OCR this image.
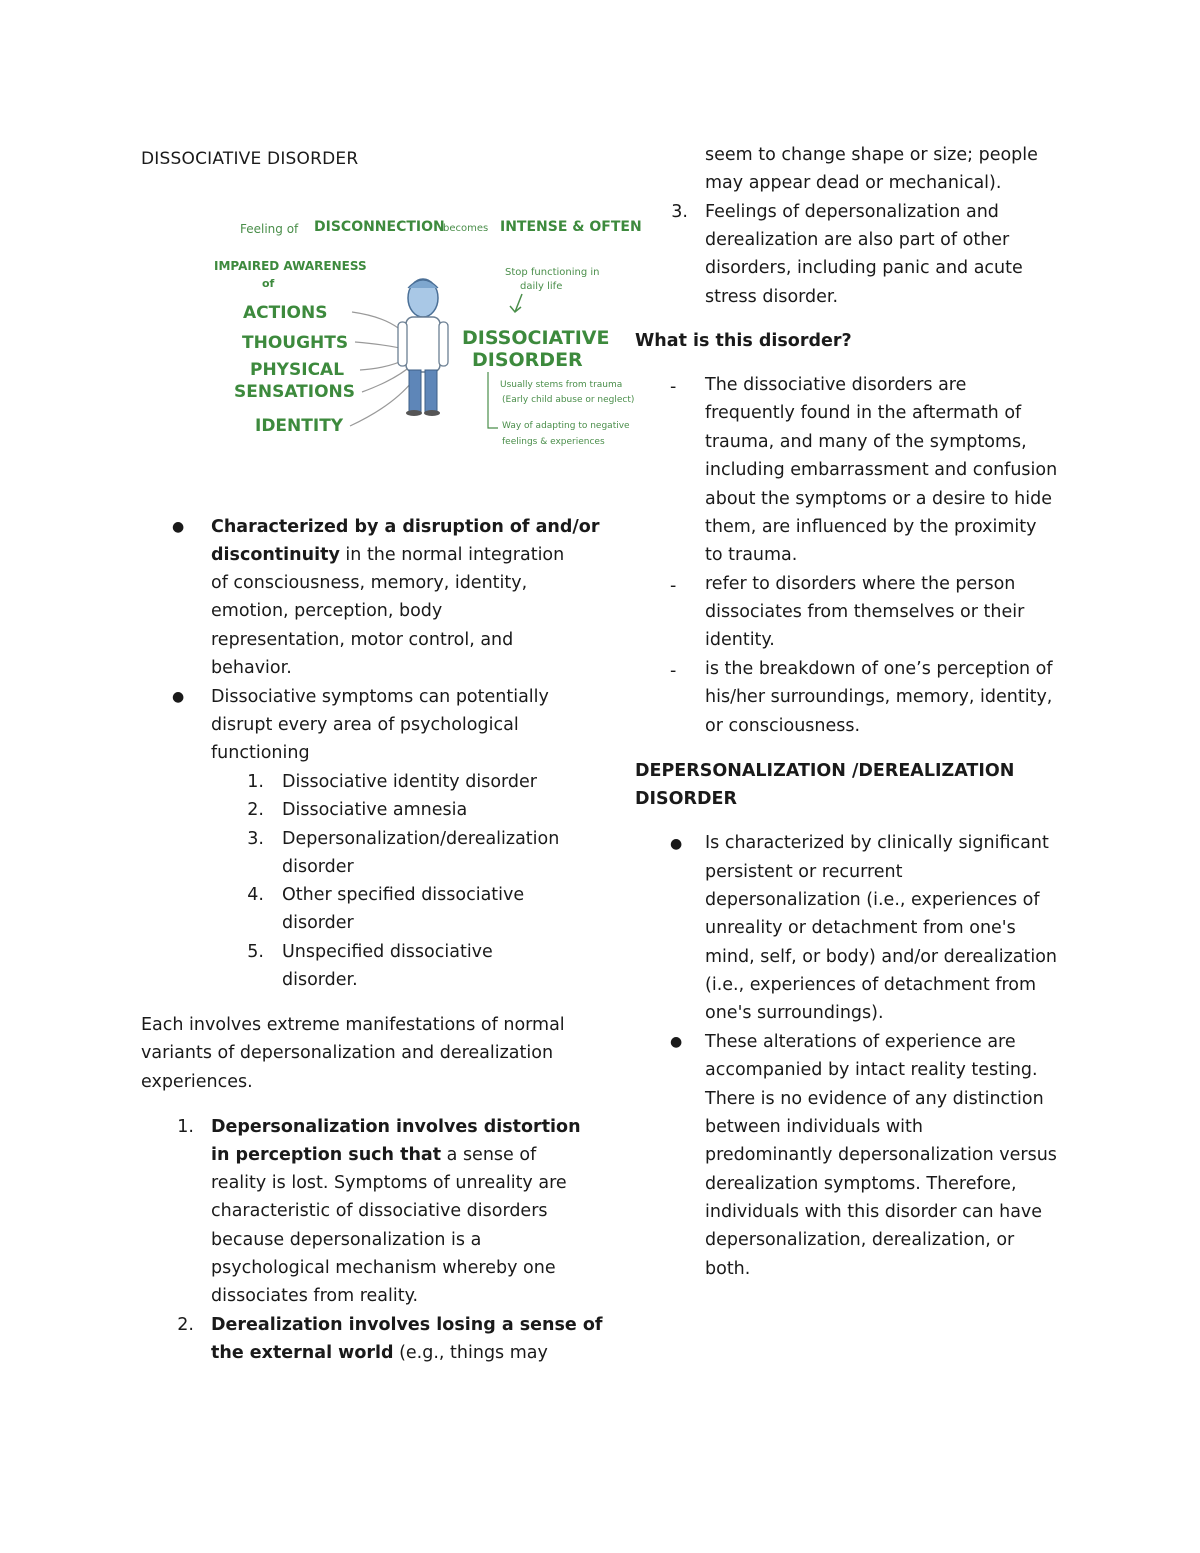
DISSOCIATIVE DISORDER
Feeling of DISCONNECTION
becomes INTENSE & OFTEN
IMPAIRED AWARENESS
of
Stop functioning in
daily life
ACTIONS
THOUGHTS
PHYSICAL
SENSATIONS
IDENTITY
DISSOCIATIVE
DISORDER
Usually stems from trauma
(Early child abuse or neglect)
Way of adapting to negative
feelings & experiences
● Characterized by a disruption of and/or
discontinuity in the normal integration
of consciousness, memory, identity,
emotion, perception, body
representation, motor control, and
behavior.
● Dissociative symptoms can potentially
disrupt every area of psychological
functioning
1. Dissociative identity disorder
2. Dissociative amnesia
3. Depersonalization/derealization
disorder
4. Other specified dissociative
disorder
5. Unspecified dissociative
disorder.
Each involves extreme manifestations of normal
variants of depersonalization and derealization
experiences.
1. Depersonalization involves distortion
in perception such that a sense of
reality is lost. Symptoms of unreality are
characteristic of dissociative disorders
because depersonalization is a
psychological mechanism whereby one
dissociates from reality.
2. Derealization involves losing a sense of
the external world (e.g., things may
seem to change shape or size; people
may appear dead or mechanical).
3. Feelings of depersonalization and
derealization are also part of other
disorders, including panic and acute
stress disorder.
What is this disorder?
- The dissociative disorders are
frequently found in the aftermath of
trauma, and many of the symptoms,
including embarrassment and confusion
about the symptoms or a desire to hide
them, are influenced by the proximity
to trauma.
- refer to disorders where the person
dissociates from themselves or their
identity.
- is the breakdown of one’s perception of
his/her surroundings, memory, identity,
or consciousness.
DEPERSONALIZATION /DEREALIZATION
DISORDER
● Is characterized by clinically significant
persistent or recurrent
depersonalization (i.e., experiences of
unreality or detachment from one's
mind, self, or body) and/or derealization
(i.e., experiences of detachment from
one's surroundings).
● These alterations of experience are
accompanied by intact reality testing.
There is no evidence of any distinction
between individuals with
predominantly depersonalization versus
derealization symptoms. Therefore,
individuals with this disorder can have
depersonalization, derealization, or
both.
